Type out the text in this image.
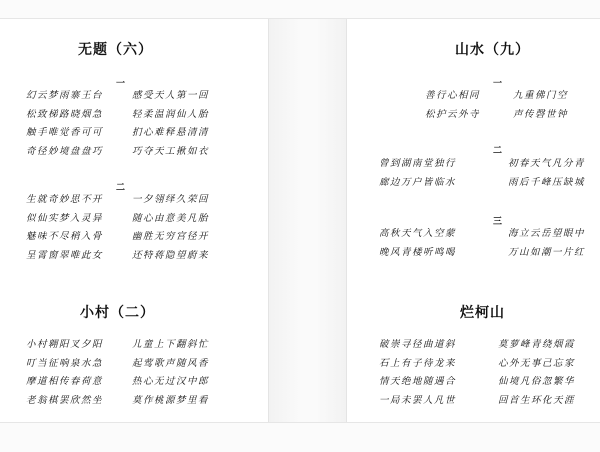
无题（六）
一
幻云梦雨寨王台
松致梯路晓烟急
触手唯觉香可可
奇径妙境盘盘巧
感受天人第一回
轻柔温润仙人胎
扪心难释悬清清
巧夺天工揪如衣
二
生就奇妙思不开
似仙实梦入灵异
魅味不尽稍入骨
呈霄窗翠唯此女
一夕翎绎久荣回
随心由意美凡胎
幽胜无穷宫径开
还特蒋隐望蔚来
小村（二）
小村翱阳叉夕阳
叮当征响泉水急
摩道相传春荷意
老翁棋罢欣然坐
儿童上下翻斜忙
起莺歌声随风香
热心无过汉中郎
莫作桃源梦里看
山水（九）
一
善行心相同
松护云外寺
九重佛门空
声传磬世钟
二
曾到湖南堂独行
廊边万户皆临水
初春天气凡分青
雨后千峰压缺城
三
高秋天气入空蒙
晚风青楼听鸣喝
海立云岳望眼中
万山如潮一片红
烂柯山
破崇寻径曲道斜
石上有子待龙来
情天绝地随遇合
一局未罢人凡世
莫萝峰青绕烟霞
心外无事己忘家
仙境凡俗忽繁华
回首生环化天涯
